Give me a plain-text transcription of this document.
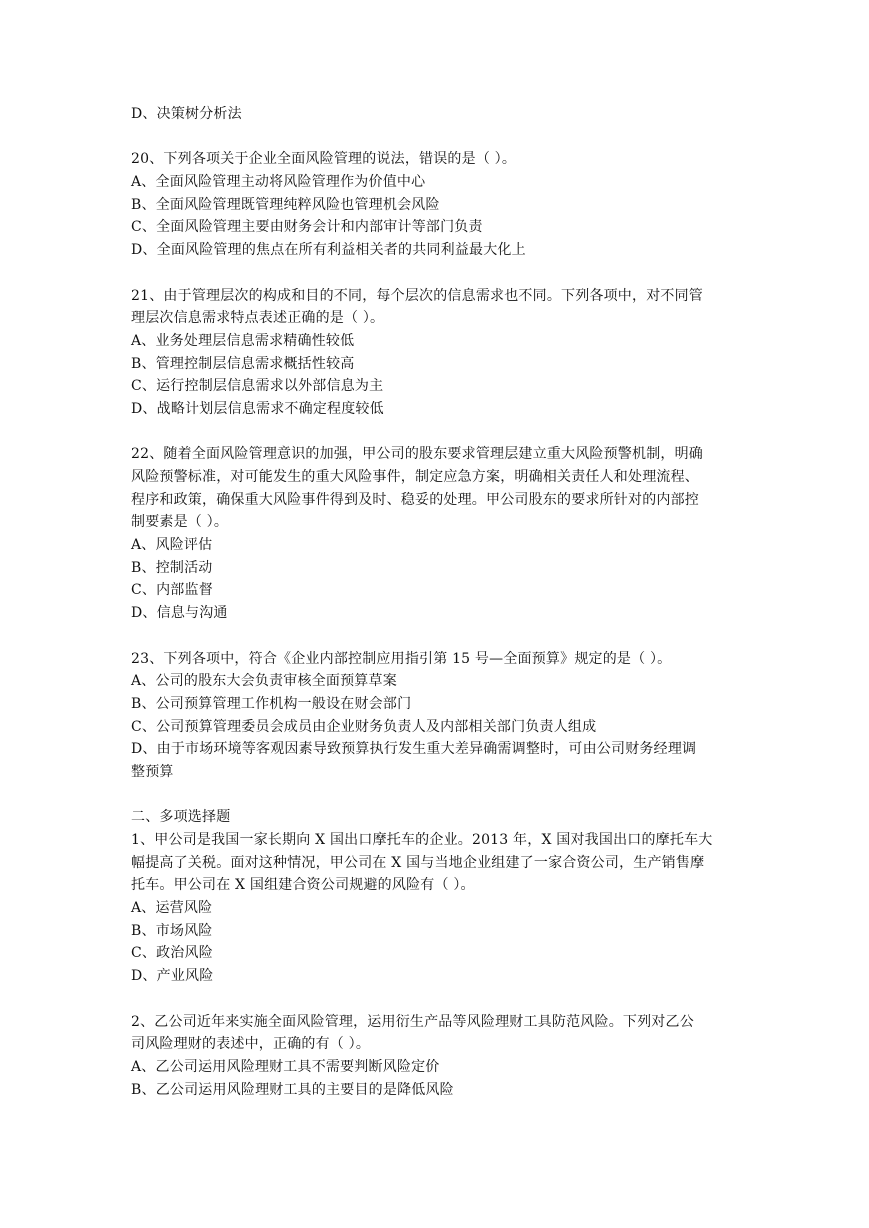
D、决策树分析法
20、下列各项关于企业全面风险管理的说法，错误的是（ ）。
A、全面风险管理主动将风险管理作为价值中心
B、全面风险管理既管理纯粹风险也管理机会风险
C、全面风险管理主要由财务会计和内部审计等部门负责
D、全面风险管理的焦点在所有利益相关者的共同利益最大化上
21、由于管理层次的构成和目的不同，每个层次的信息需求也不同。下列各项中，对不同管
理层次信息需求特点表述正确的是（ ）。
A、业务处理层信息需求精确性较低
B、管理控制层信息需求概括性较高
C、运行控制层信息需求以外部信息为主
D、战略计划层信息需求不确定程度较低
22、随着全面风险管理意识的加强，甲公司的股东要求管理层建立重大风险预警机制，明确
风险预警标准，对可能发生的重大风险事件，制定应急方案，明确相关责任人和处理流程、
程序和政策，确保重大风险事件得到及时、稳妥的处理。甲公司股东的要求所针对的内部控
制要素是（ ）。
A、风险评估
B、控制活动
C、内部监督
D、信息与沟通
23、下列各项中，符合《企业内部控制应用指引第 15 号—全面预算》规定的是（ ）。
A、公司的股东大会负责审核全面预算草案
B、公司预算管理工作机构一般设在财会部门
C、公司预算管理委员会成员由企业财务负责人及内部相关部门负责人组成
D、由于市场环境等客观因素导致预算执行发生重大差异确需调整时，可由公司财务经理调
整预算
二、多项选择题
1、甲公司是我国一家长期向 X 国出口摩托车的企业。2013 年，X 国对我国出口的摩托车大
幅提高了关税。面对这种情况，甲公司在 X 国与当地企业组建了一家合资公司，生产销售摩
托车。甲公司在 X 国组建合资公司规避的风险有（ ）。
A、运营风险
B、市场风险
C、政治风险
D、产业风险
2、乙公司近年来实施全面风险管理，运用衍生产品等风险理财工具防范风险。下列对乙公
司风险理财的表述中，正确的有（ ）。
A、乙公司运用风险理财工具不需要判断风险定价
B、乙公司运用风险理财工具的主要目的是降低风险
